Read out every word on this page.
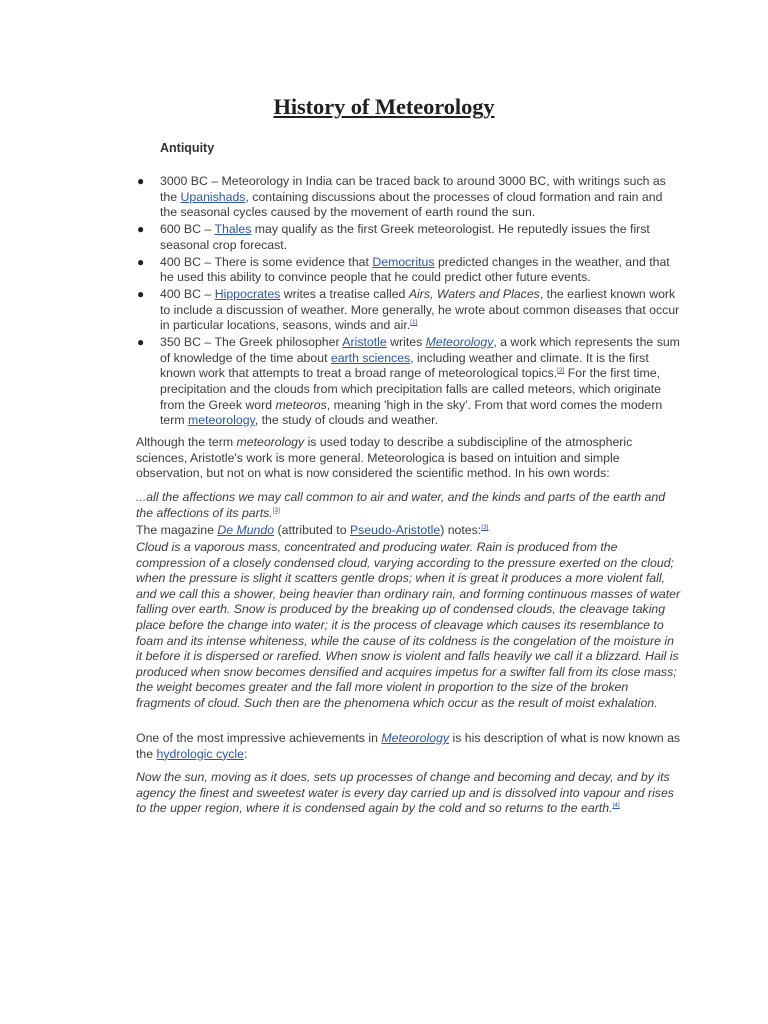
History of Meteorology
Antiquity
● 3000 BC – Meteorology in India can be traced back to around 3000 BC, with writings such as the Upanishads, containing discussions about the processes of cloud formation and rain and the seasonal cycles caused by the movement of earth round the sun.
● 600 BC – Thales may qualify as the first Greek meteorologist. He reputedly issues the first seasonal crop forecast.
● 400 BC – There is some evidence that Democritus predicted changes in the weather, and that he used this ability to convince people that he could predict other future events.
● 400 BC – Hippocrates writes a treatise called Airs, Waters and Places, the earliest known work to include a discussion of weather. More generally, he wrote about common diseases that occur in particular locations, seasons, winds and air.[1]
● 350 BC – The Greek philosopher Aristotle writes Meteorology, a work which represents the sum of knowledge of the time about earth sciences, including weather and climate. It is the first known work that attempts to treat a broad range of meteorological topics.[2] For the first time, precipitation and the clouds from which precipitation falls are called meteors, which originate from the Greek word meteoros, meaning 'high in the sky'. From that word comes the modern term meteorology, the study of clouds and weather.
Although the term meteorology is used today to describe a subdiscipline of the atmospheric sciences, Aristotle's work is more general. Meteorologica is based on intuition and simple observation, but not on what is now considered the scientific method. In his own words:
...all the affections we may call common to air and water, and the kinds and parts of the earth and the affections of its parts.[3]
The magazine De Mundo (attributed to Pseudo-Aristotle) notes:[3]
Cloud is a vaporous mass, concentrated and producing water. Rain is produced from the compression of a closely condensed cloud, varying according to the pressure exerted on the cloud; when the pressure is slight it scatters gentle drops; when it is great it produces a more violent fall, and we call this a shower, being heavier than ordinary rain, and forming continuous masses of water falling over earth. Snow is produced by the breaking up of condensed clouds, the cleavage taking place before the change into water; it is the process of cleavage which causes its resemblance to foam and its intense whiteness, while the cause of its coldness is the congelation of the moisture in it before it is dispersed or rarefied. When snow is violent and falls heavily we call it a blizzard. Hail is produced when snow becomes densified and acquires impetus for a swifter fall from its close mass; the weight becomes greater and the fall more violent in proportion to the size of the broken fragments of cloud. Such then are the phenomena which occur as the result of moist exhalation.
One of the most impressive achievements in Meteorology is his description of what is now known as the hydrologic cycle:
Now the sun, moving as it does, sets up processes of change and becoming and decay, and by its agency the finest and sweetest water is every day carried up and is dissolved into vapour and rises to the upper region, where it is condensed again by the cold and so returns to the earth.[4]
